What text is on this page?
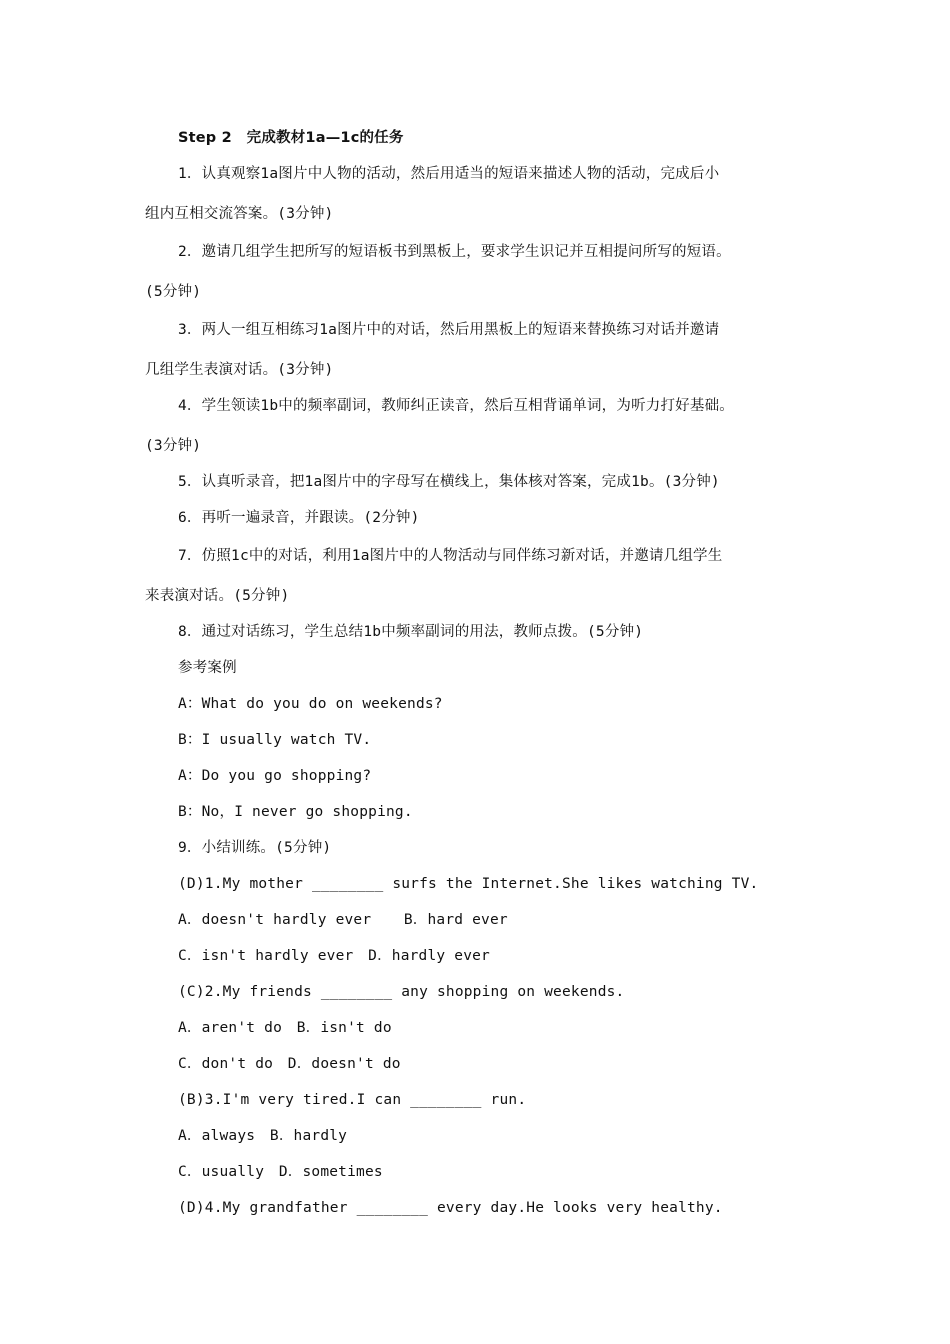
Step 2　完成教材1a—1c的任务
1．认真观察1a图片中人物的活动，然后用适当的短语来描述人物的活动，完成后小
组内互相交流答案。(3分钟)
2．邀请几组学生把所写的短语板书到黑板上，要求学生识记并互相提问所写的短语。
(5分钟)
3．两人一组互相练习1a图片中的对话，然后用黑板上的短语来替换练习对话并邀请
几组学生表演对话。(3分钟)
4．学生领读1b中的频率副词，教师纠正读音，然后互相背诵单词，为听力打好基础。
(3分钟)
5．认真听录音，把1a图片中的字母写在横线上，集体核对答案，完成1b。(3分钟)
6．再听一遍录音，并跟读。(2分钟)
7．仿照1c中的对话，利用1a图片中的人物活动与同伴练习新对话，并邀请几组学生
来表演对话。(5分钟)
8．通过对话练习，学生总结1b中频率副词的用法，教师点拨。(5分钟)
参考案例
A：What do you do on weekends?
B：I usually watch TV.
A：Do you go shopping?
B：No，I never go shopping.
9．小结训练。(5分钟)
(D)1.My mother ________ surfs the Internet.She likes watching TV.
A．doesn't hardly ever　  B．hard ever
C．isn't hardly ever　D．hardly ever
(C)2.My friends ________ any shopping on weekends.
A．aren't do　B．isn't do
C．don't do　D．doesn't do
(B)3.I'm very tired.I can ________ run.
A．always　B．hardly
C．usually　D．sometimes
(D)4.My grandfather ________ every day.He looks very healthy.
